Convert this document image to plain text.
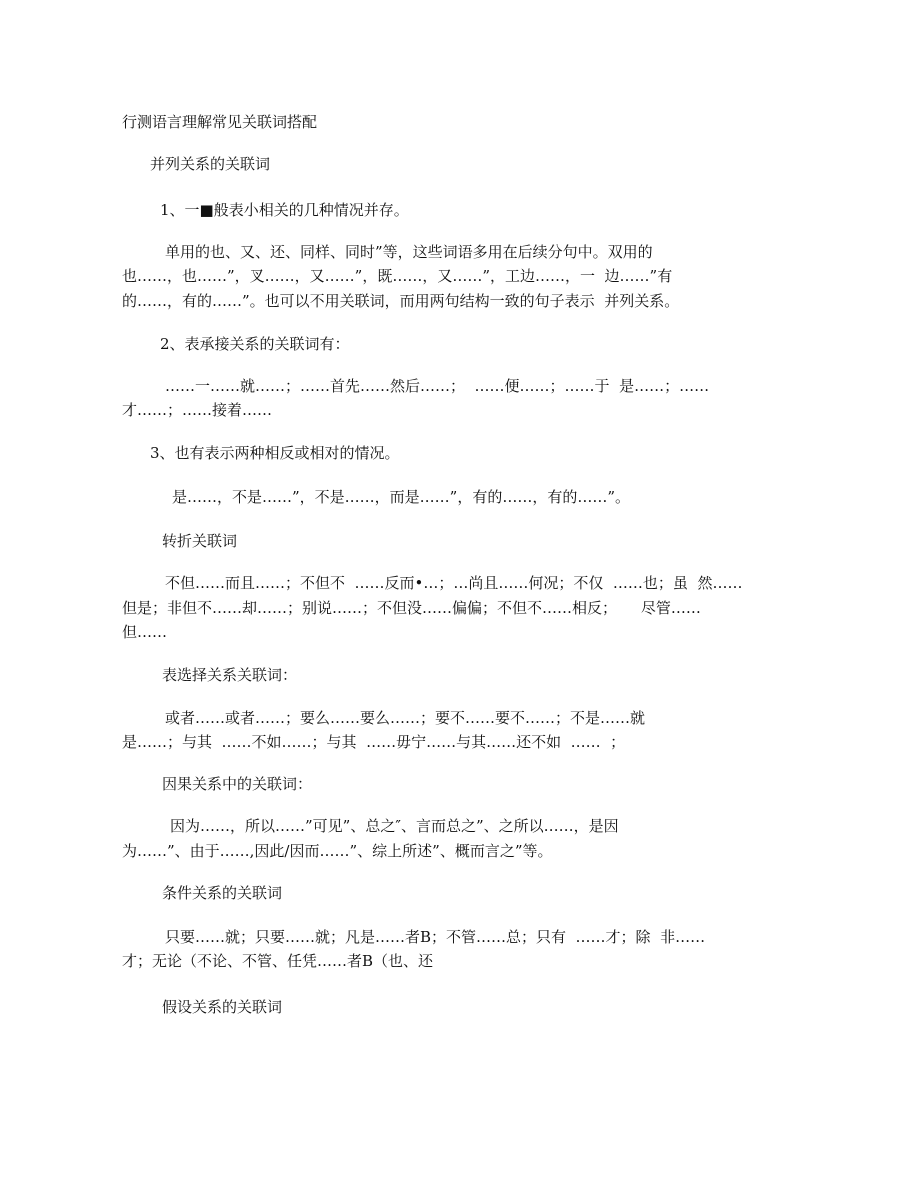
行测语言理解常见关联词搭配
并列关系的关联词
1、一■般表小相关的几种情况并存。
单用的也、又、还、同样、同时”等，这些词语多用在后续分句中。双用的
也……，也……”，叉……，又……”，既……，又……”，工边……，一  边……”有
的……，有的……”。也可以不用关联词，而用两句结构一致的句子表示  并列关系。
2、表承接关系的关联词有：
……一……就……；……首先……然后……；  ……便……；……于  是……；……
才……；……接着……
3、也有表示两种相反或相对的情况。
是……，不是……”，不是……，而是……”，有的……，有的……”。
转折关联词
不但……而且……；不但不  ……反而•…；…尚且……何况；不仅  ……也；虽  然……
但是；非但不……却……；别说……；不但没……偏偏；不但不……相反；     尽管……
但……
表选择关系关联词：
或者……或者……；要么……要么……；要不……要不……；不是……就
是……；与其  ……不如……；与其  ……毋宁……与其……还不如  ……  ；
因果关系中的关联词：
因为……，所以……”可见”、总之″、言而总之”、之所以……，是因
为……”、由于……,因此/因而……”、综上所述”、概而言之”等。
条件关系的关联词
只要……就；只要……就；凡是……者B；不管……总；只有  ……才；除  非……
才；无论（不论、不管、任凭……者B（也、还
假设关系的关联词
